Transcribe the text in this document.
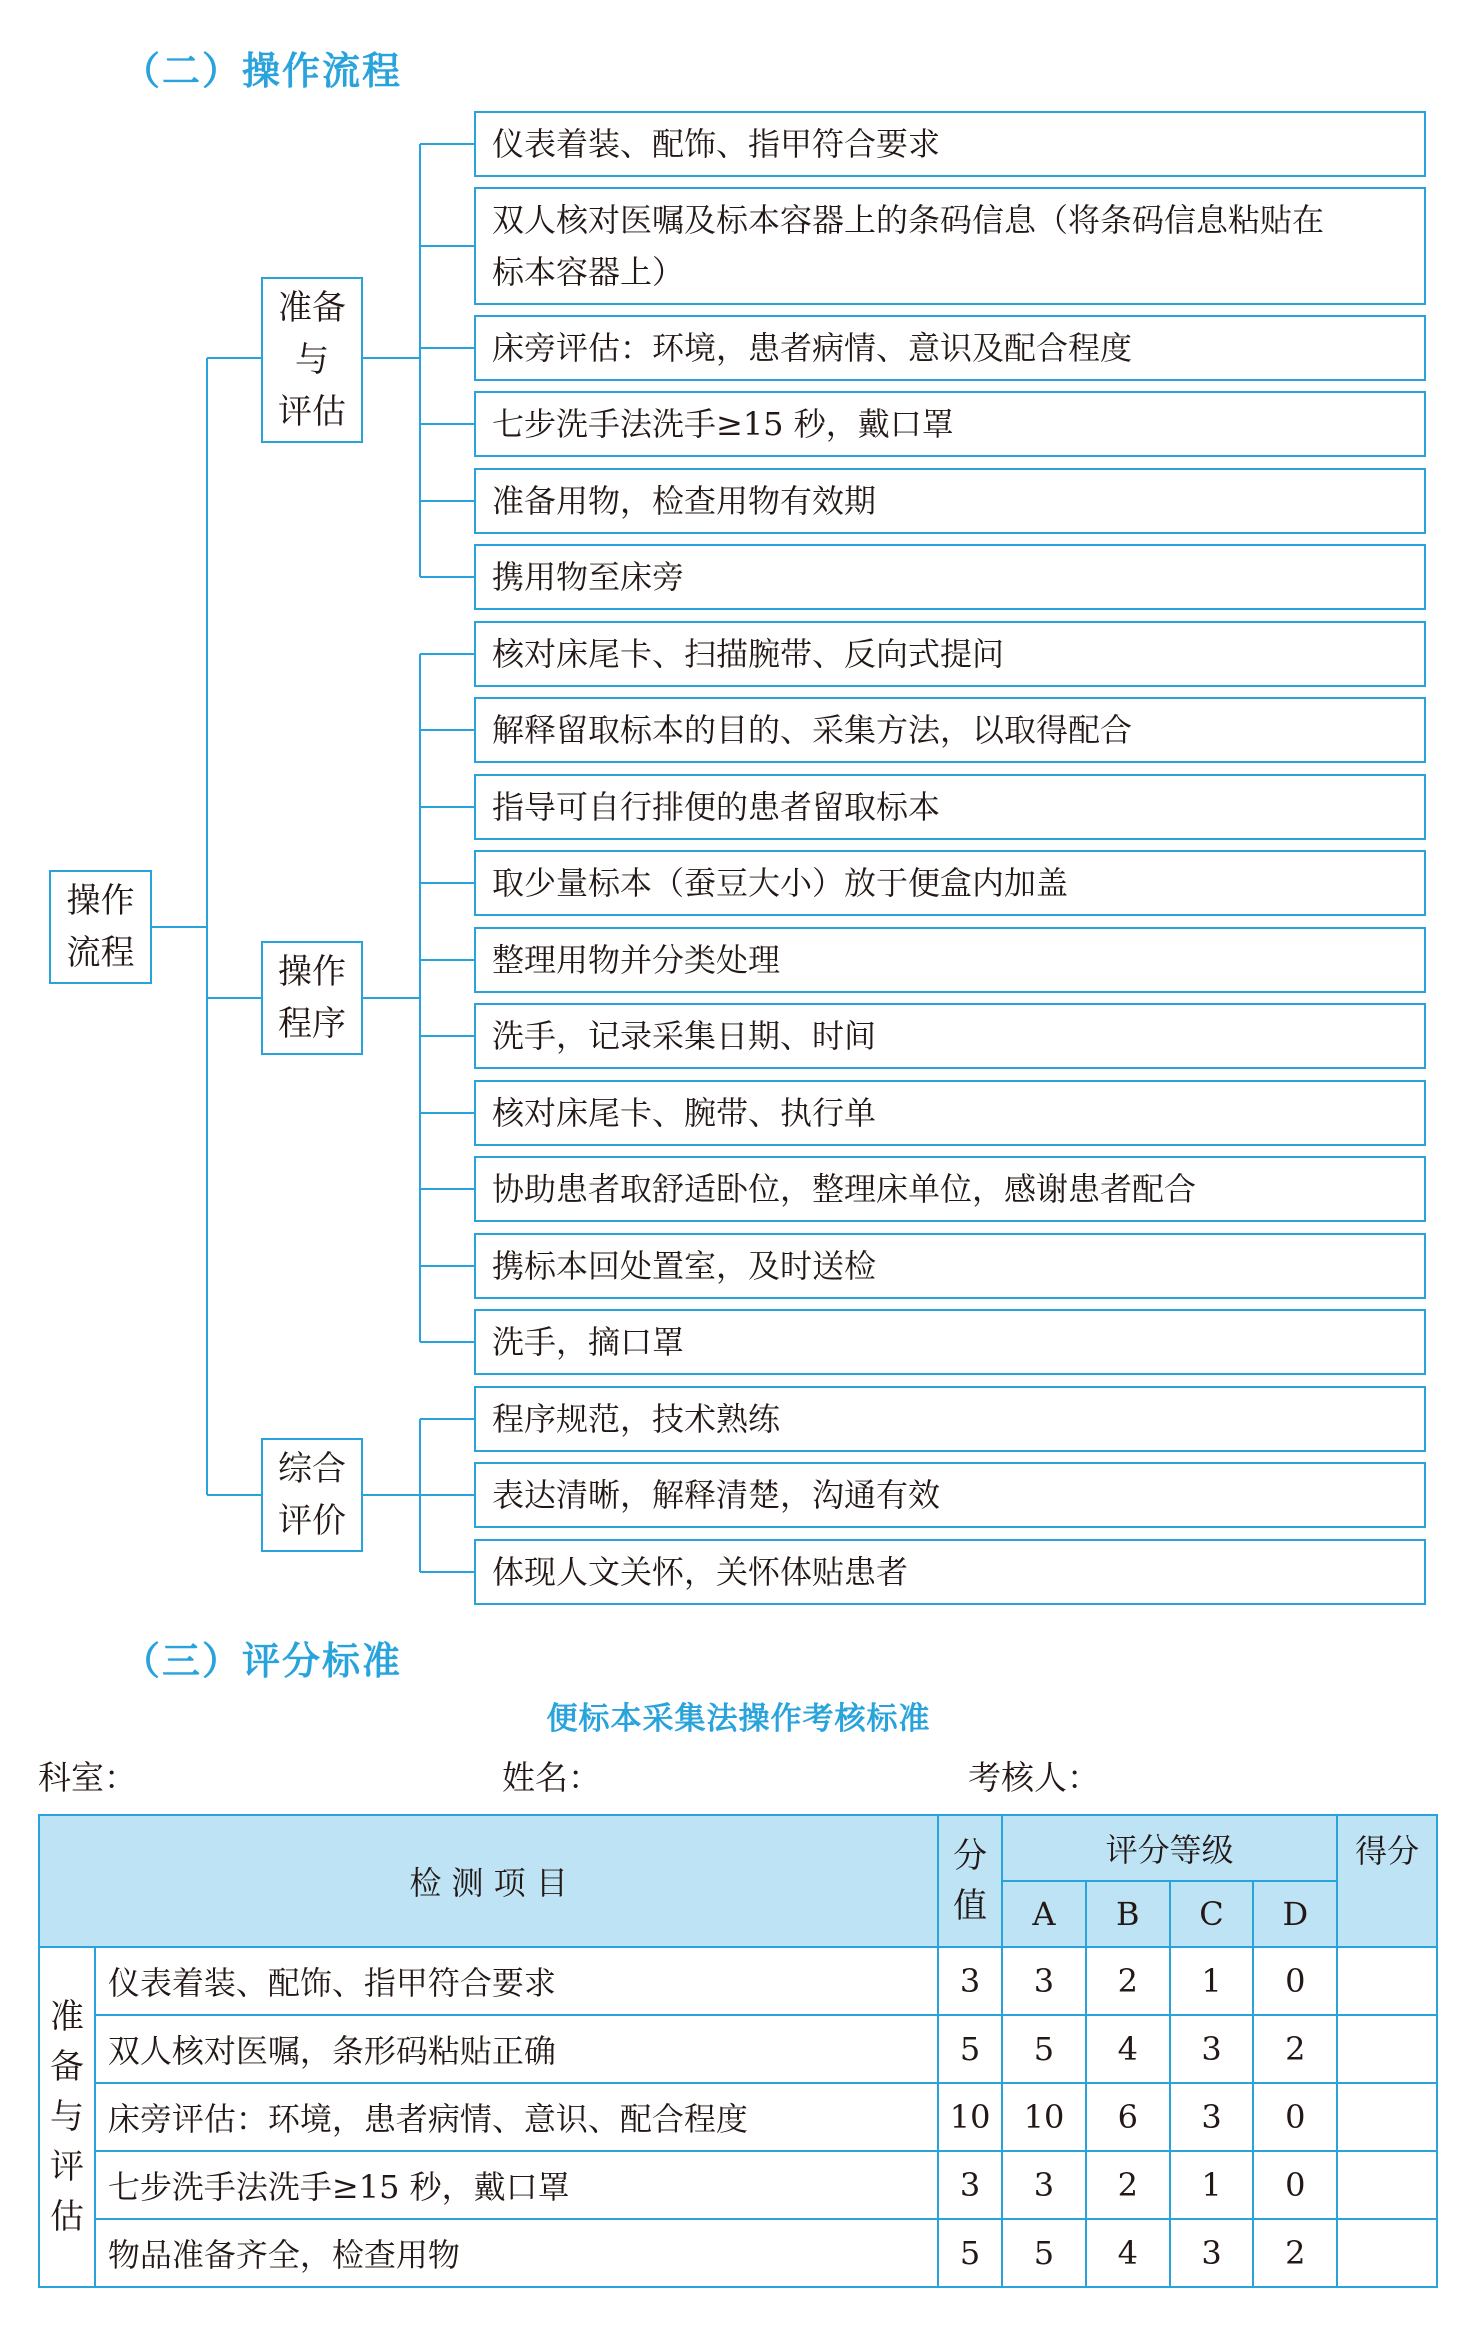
（二）操作流程
操作
流程
准备
与
评估
操作
程序
综合
评价
仪表着装、配饰、指甲符合要求
双人核对医嘱及标本容器上的条码信息（将条码信息粘贴在
标本容器上）
床旁评估：环境，患者病情、意识及配合程度
七步洗手法洗手≥15 秒，戴口罩
准备用物，检查用物有效期
携用物至床旁
核对床尾卡、扫描腕带、反向式提问
解释留取标本的目的、采集方法，以取得配合
指导可自行排便的患者留取标本
取少量标本（蚕豆大小）放于便盒内加盖
整理用物并分类处理
洗手，记录采集日期、时间
核对床尾卡、腕带、执行单
协助患者取舒适卧位，整理床单位，感谢患者配合
携标本回处置室，及时送检
洗手，摘口罩
程序规范，技术熟练
表达清晰，解释清楚，沟通有效
体现人文关怀，关怀体贴患者
（三）评分标准
便标本采集法操作考核标准
科室：	姓名：	考核人：
检 测 项 目		分
值	评分等级				得分
			A	B	C	D	
准
备
与
评
估	仪表着装、配饰、指甲符合要求	3	3	2	1	0	
	双人核对医嘱，条形码粘贴正确	5	5	4	3	2	
	床旁评估：环境，患者病情、意识、配合程度	10	10	6	3	0	
	七步洗手法洗手≥15 秒，戴口罩	3	3	2	1	0	
	物品准备齐全，检查用物	5	5	4	3	2	
